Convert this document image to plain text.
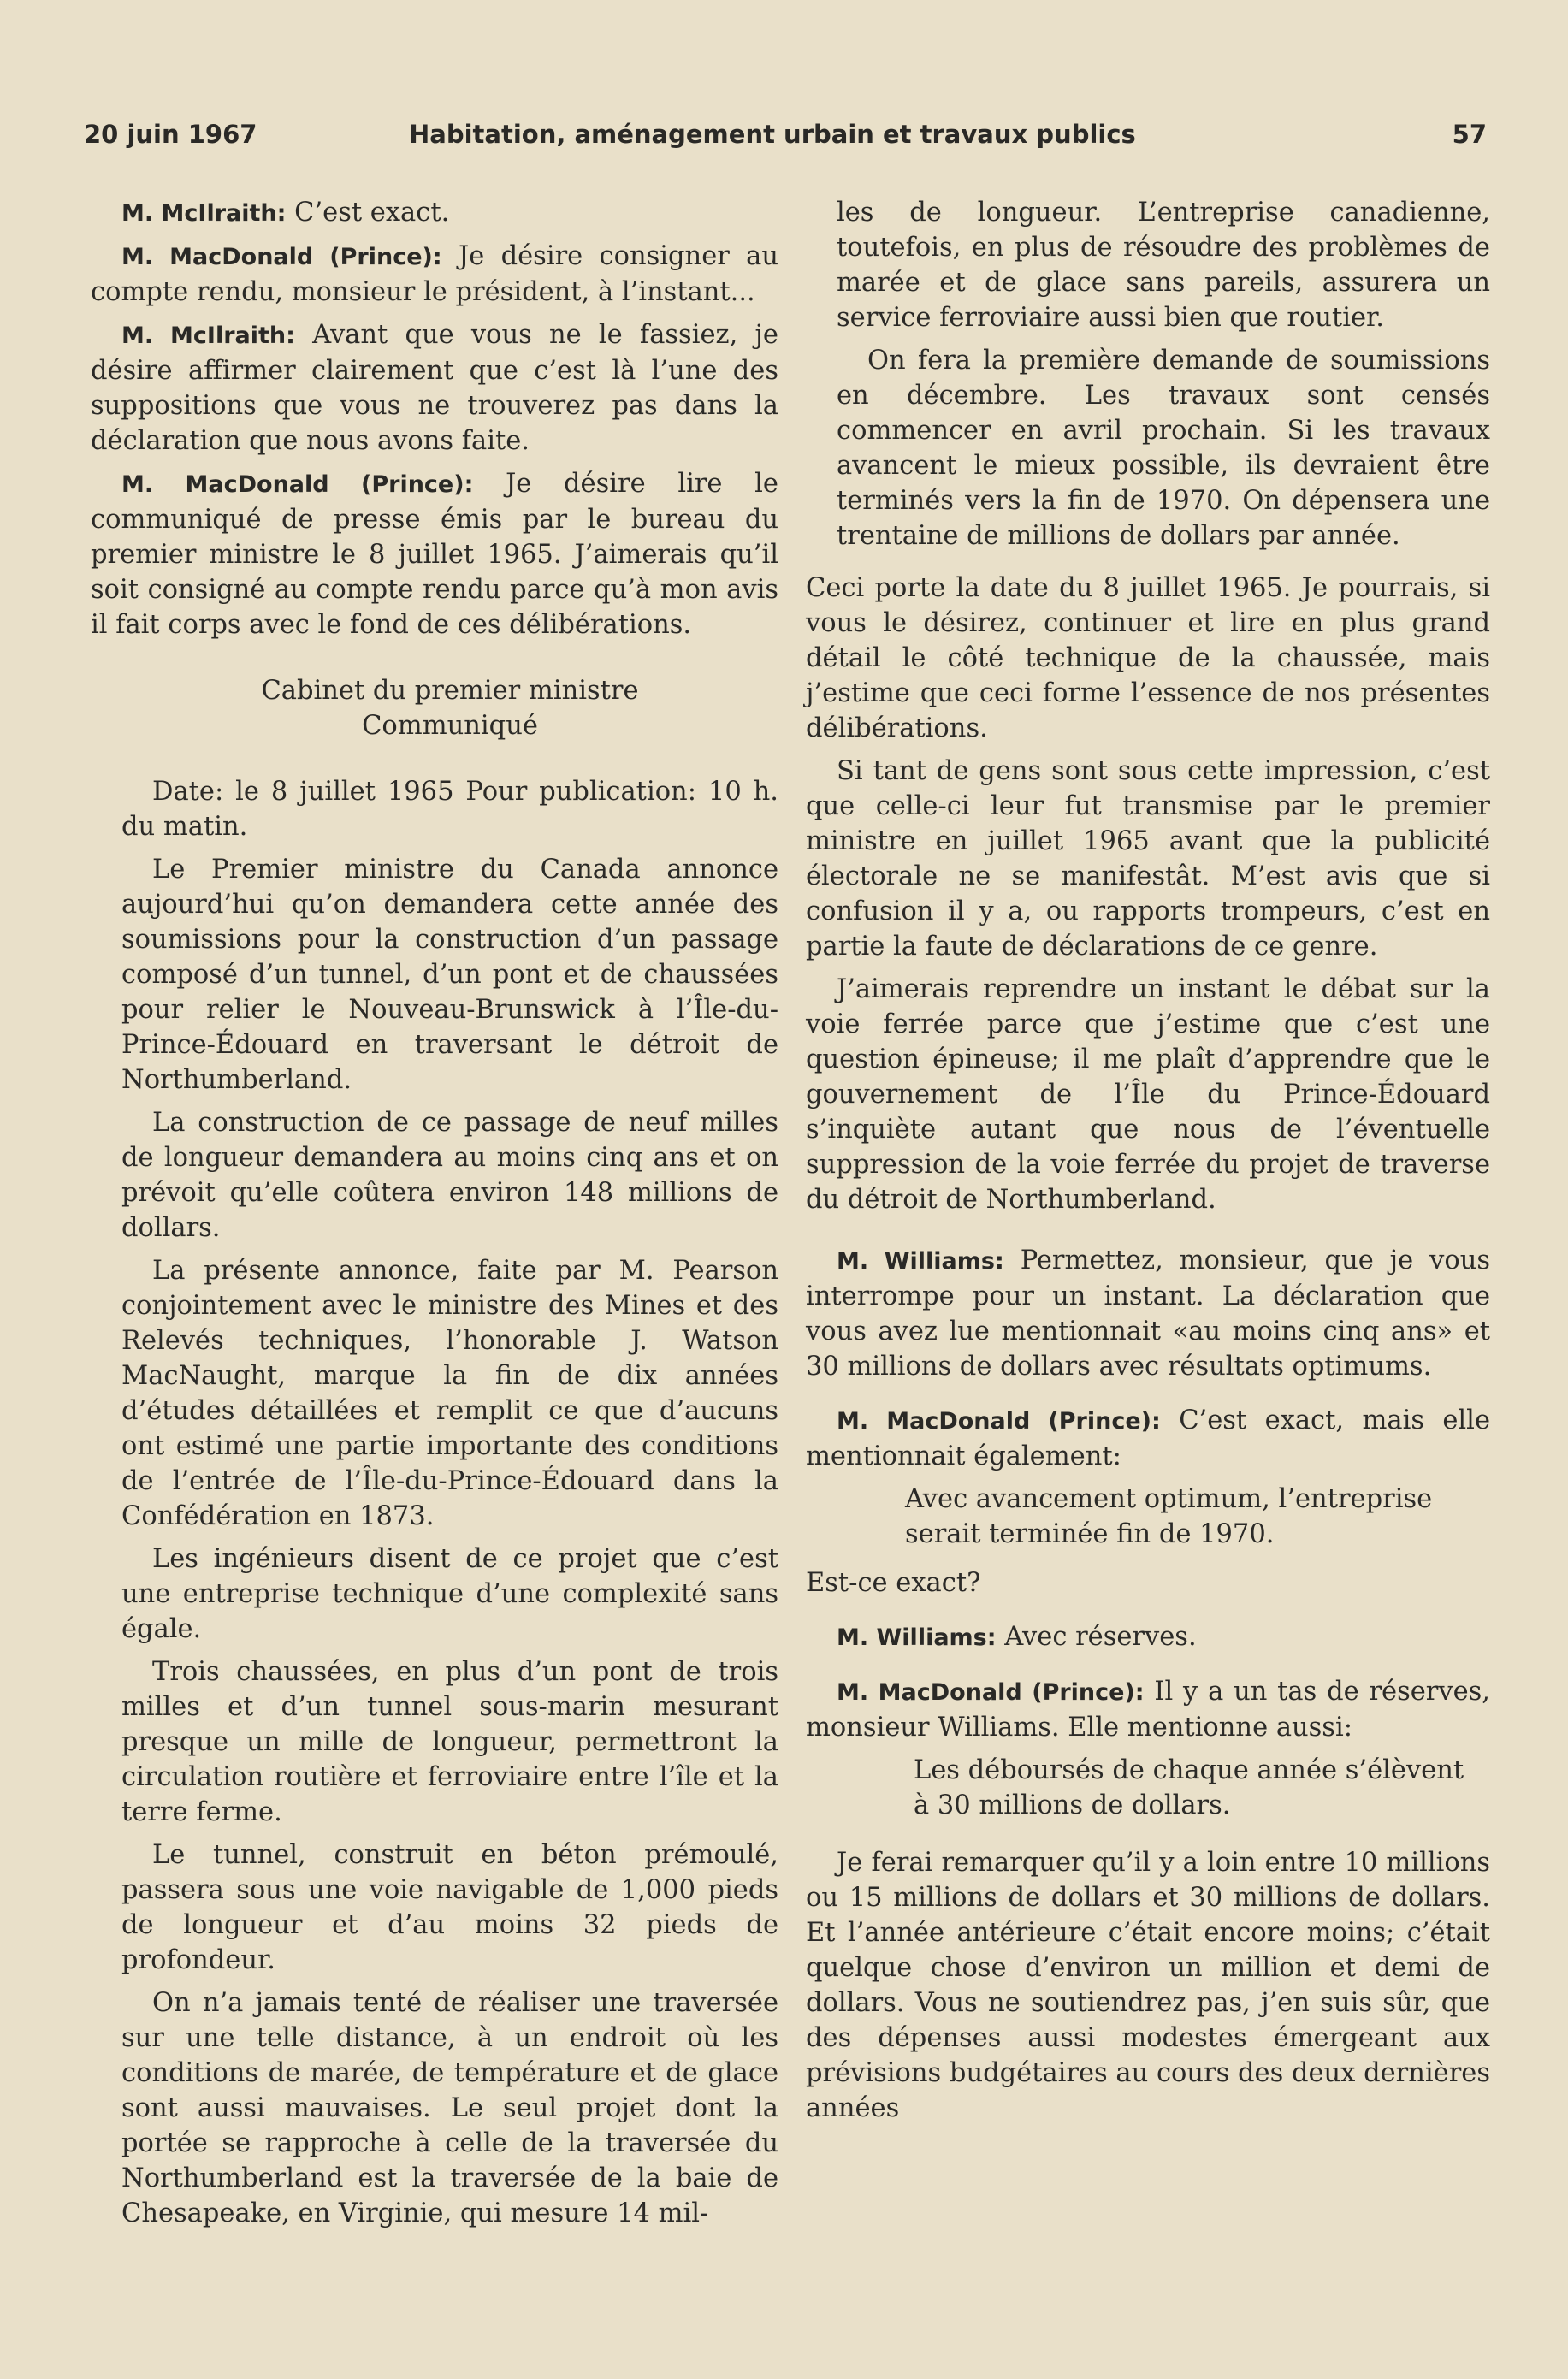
20 juin 1967	Habitation, aménagement urbain et travaux publics	57

M. McIlraith: C’est exact.

M. MacDonald (Prince): Je désire consigner au compte rendu, monsieur le président, à l’instant...

M. McIlraith: Avant que vous ne le fassiez, je désire affirmer clairement que c’est là l’une des suppositions que vous ne trouverez pas dans la déclaration que nous avons faite.

M. MacDonald (Prince): Je désire lire le communiqué de presse émis par le bureau du premier ministre le 8 juillet 1965. J’aimerais qu’il soit consigné au compte rendu parce qu’à mon avis il fait corps avec le fond de ces délibérations.

Cabinet du premier ministre

Communiqué

Date: le 8 juillet 1965 Pour publication: 10 h. du matin.

Le Premier ministre du Canada annonce aujourd’hui qu’on demandera cette année des soumissions pour la construction d’un passage composé d’un tunnel, d’un pont et de chaussées pour relier le Nouveau-Brunswick à l’Île-du-Prince-Édouard en traversant le détroit de Northumberland.

La construction de ce passage de neuf milles de longueur demandera au moins cinq ans et on prévoit qu’elle coûtera environ 148 millions de dollars.

La présente annonce, faite par M. Pearson conjointement avec le ministre des Mines et des Relevés techniques, l’honorable J. Watson MacNaught, marque la fin de dix années d’études détaillées et remplit ce que d’aucuns ont estimé une partie importante des conditions de l’entrée de l’Île-du-Prince-Édouard dans la Confédération en 1873.

Les ingénieurs disent de ce projet que c’est une entreprise technique d’une complexité sans égale.

Trois chaussées, en plus d’un pont de trois milles et d’un tunnel sous-marin mesurant presque un mille de longueur, permettront la circulation routière et ferroviaire entre l’île et la terre ferme.

Le tunnel, construit en béton prémoulé, passera sous une voie navigable de 1,000 pieds de longueur et d’au moins 32 pieds de profondeur.

On n’a jamais tenté de réaliser une traversée sur une telle distance, à un endroit où les conditions de marée, de température et de glace sont aussi mauvaises. Le seul projet dont la portée se rapproche à celle de la traversée du Northumberland est la traversée de la baie de Chesapeake, en Virginie, qui mesure 14 mil-

les de longueur. L’entreprise canadienne, toutefois, en plus de résoudre des problèmes de marée et de glace sans pareils, assurera un service ferroviaire aussi bien que routier.

On fera la première demande de soumissions en décembre. Les travaux sont censés commencer en avril prochain. Si les travaux avancent le mieux possible, ils devraient être terminés vers la fin de 1970. On dépensera une trentaine de millions de dollars par année.

Ceci porte la date du 8 juillet 1965. Je pourrais, si vous le désirez, continuer et lire en plus grand détail le côté technique de la chaussée, mais j’estime que ceci forme l’essence de nos présentes délibérations.

Si tant de gens sont sous cette impression, c’est que celle-ci leur fut transmise par le premier ministre en juillet 1965 avant que la publicité électorale ne se manifestât. M’est avis que si confusion il y a, ou rapports trompeurs, c’est en partie la faute de déclarations de ce genre.

J’aimerais reprendre un instant le débat sur la voie ferrée parce que j’estime que c’est une question épineuse; il me plaît d’apprendre que le gouvernement de l’Île du Prince-Édouard s’inquiète autant que nous de l’éventuelle suppression de la voie ferrée du projet de traverse du détroit de Northumberland.

M. Williams: Permettez, monsieur, que je vous interrompe pour un instant. La déclaration que vous avez lue mentionnait «au moins cinq ans» et 30 millions de dollars avec résultats optimums.

M. MacDonald (Prince): C’est exact, mais elle mentionnait également:

Avec avancement optimum, l’entreprise serait terminée fin de 1970.

Est-ce exact?

M. Williams: Avec réserves.

M. MacDonald (Prince): Il y a un tas de réserves, monsieur Williams. Elle mentionne aussi:

Les déboursés de chaque année s’élèvent à 30 millions de dollars.

Je ferai remarquer qu’il y a loin entre 10 millions ou 15 millions de dollars et 30 millions de dollars. Et l’année antérieure c’était encore moins; c’était quelque chose d’environ un million et demi de dollars. Vous ne soutiendrez pas, j’en suis sûr, que des dépenses aussi modestes émergeant aux prévisions budgétaires au cours des deux dernières années
